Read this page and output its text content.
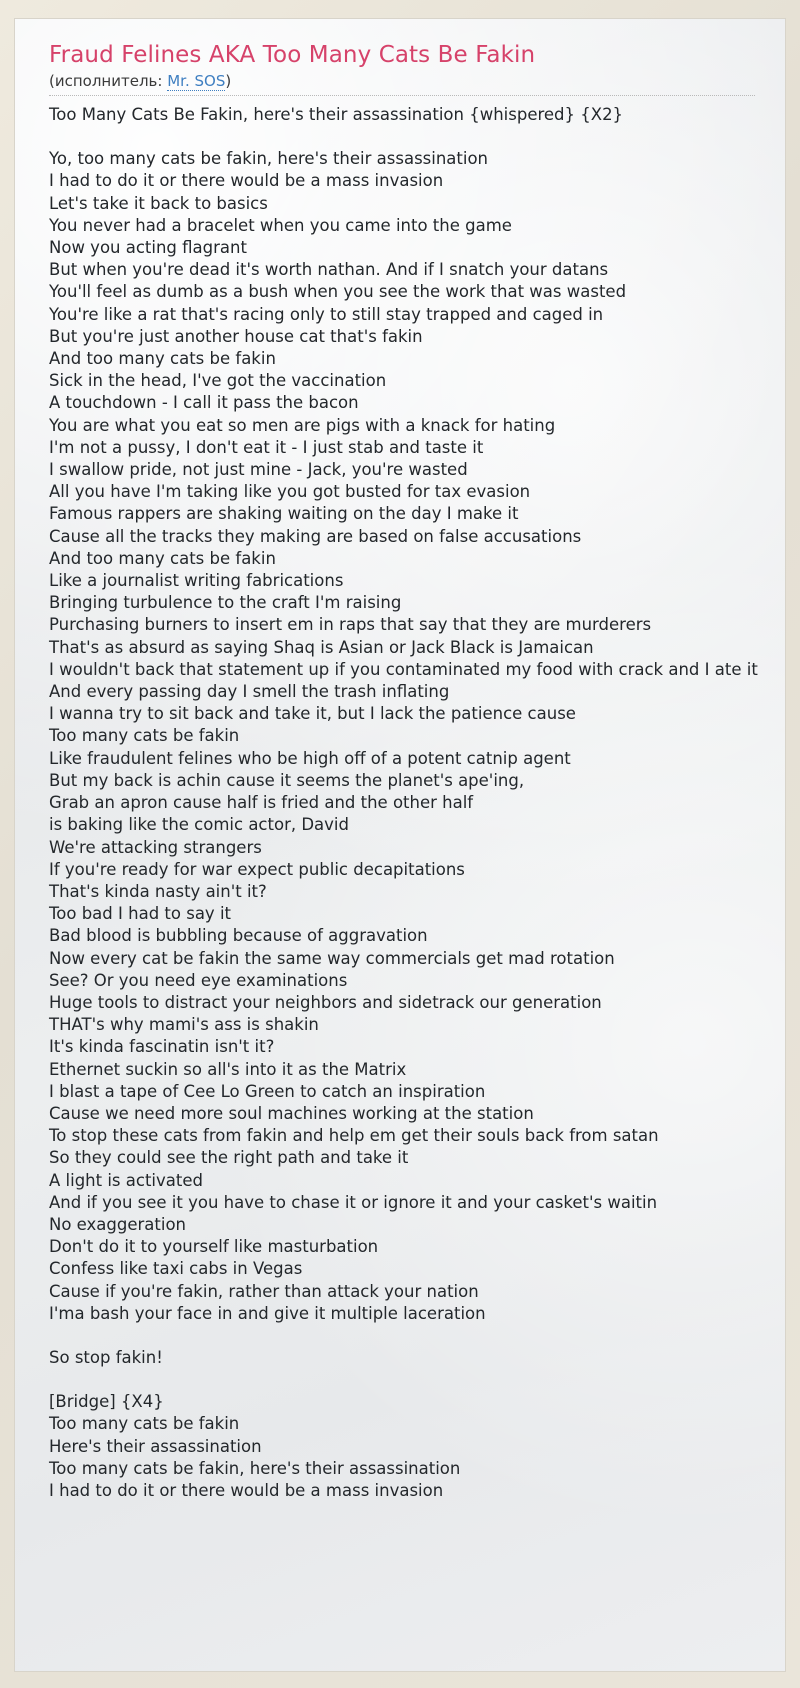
Fraud Felines AKA Too Many Cats Be Fakin
(исполнитель: Mr. SOS)
Too Many Cats Be Fakin, here's their assassination {whispered} {X2}
Yo, too many cats be fakin, here's their assassination
I had to do it or there would be a mass invasion
Let's take it back to basics
You never had a bracelet when you came into the game
Now you acting flagrant
But when you're dead it's worth nathan. And if I snatch your datans
You'll feel as dumb as a bush when you see the work that was wasted
You're like a rat that's racing only to still stay trapped and caged in
But you're just another house cat that's fakin
And too many cats be fakin
Sick in the head, I've got the vaccination
A touchdown - I call it pass the bacon
You are what you eat so men are pigs with a knack for hating
I'm not a pussy, I don't eat it - I just stab and taste it
I swallow pride, not just mine - Jack, you're wasted
All you have I'm taking like you got busted for tax evasion
Famous rappers are shaking waiting on the day I make it
Cause all the tracks they making are based on false accusations
And too many cats be fakin
Like a journalist writing fabrications
Bringing turbulence to the craft I'm raising
Purchasing burners to insert em in raps that say that they are murderers
That's as absurd as saying Shaq is Asian or Jack Black is Jamaican
I wouldn't back that statement up if you contaminated my food with crack and I ate it
And every passing day I smell the trash inflating
I wanna try to sit back and take it, but I lack the patience cause
Too many cats be fakin
Like fraudulent felines who be high off of a potent catnip agent
But my back is achin cause it seems the planet's ape'ing,
Grab an apron cause half is fried and the other half
is baking like the comic actor, David
We're attacking strangers
If you're ready for war expect public decapitations
That's kinda nasty ain't it?
Too bad I had to say it
Bad blood is bubbling because of aggravation
Now every cat be fakin the same way commercials get mad rotation
See? Or you need eye examinations
Huge tools to distract your neighbors and sidetrack our generation
THAT's why mami's ass is shakin
It's kinda fascinatin isn't it?
Ethernet suckin so all's into it as the Matrix
I blast a tape of Cee Lo Green to catch an inspiration
Cause we need more soul machines working at the station
To stop these cats from fakin and help em get their souls back from satan
So they could see the right path and take it
A light is activated
And if you see it you have to chase it or ignore it and your casket's waitin
No exaggeration
Don't do it to yourself like masturbation
Confess like taxi cabs in Vegas
Cause if you're fakin, rather than attack your nation
I'ma bash your face in and give it multiple laceration
So stop fakin!
[Bridge] {X4}
Too many cats be fakin
Here's their assassination
Too many cats be fakin, here's their assassination
I had to do it or there would be a mass invasion
